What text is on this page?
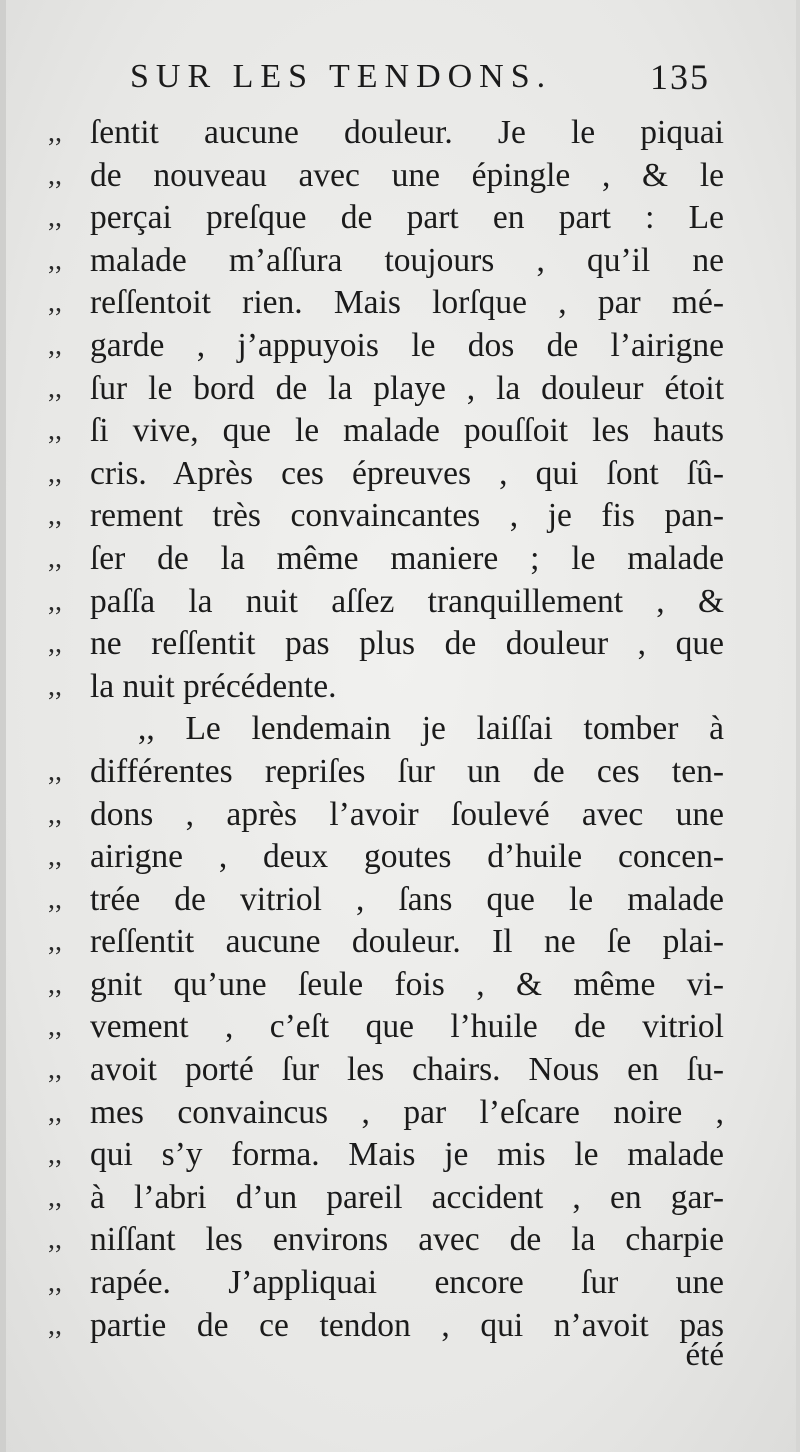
SUR LES TENDONS.	135
,, ſentit aucune douleur. Je le piquai
,, de nouveau avec une épingle , & le
,, perçai preſque de part en part : Le
,, malade m’aſſura toujours , qu’il ne
,, reſſentoit rien. Mais lorſque , par mé-
,, garde , j’appuyois le dos de l’airigne
,, ſur le bord de la playe , la douleur étoit
,, ſi vive, que le malade pouſſoit les hauts
,, cris. Après ces épreuves , qui ſont ſû-
,, rement très convaincantes , je fis pan-
,, ſer de la même maniere ; le malade
,, paſſa la nuit aſſez tranquillement , &
,, ne reſſentit pas plus de douleur , que
,, la nuit précédente.
,, Le lendemain je laiſſai tomber à
,, différentes repriſes ſur un de ces ten-
,, dons , après l’avoir ſoulevé avec une
,, airigne , deux goutes d’huile concen-
,, trée de vitriol , ſans que le malade
,, reſſentit aucune douleur. Il ne ſe plai-
,, gnit qu’une ſeule fois , & même vi-
,, vement , c’eſt que l’huile de vitriol
,, avoit porté ſur les chairs. Nous en ſu-
,, mes convaincus , par l’eſcare noire ,
,, qui s’y forma. Mais je mis le malade
,, à l’abri d’un pareil accident , en gar-
,, niſſant les environs avec de la charpie
,, rapée. J’appliquai encore ſur une
,, partie de ce tendon , qui n’avoit pas
été
